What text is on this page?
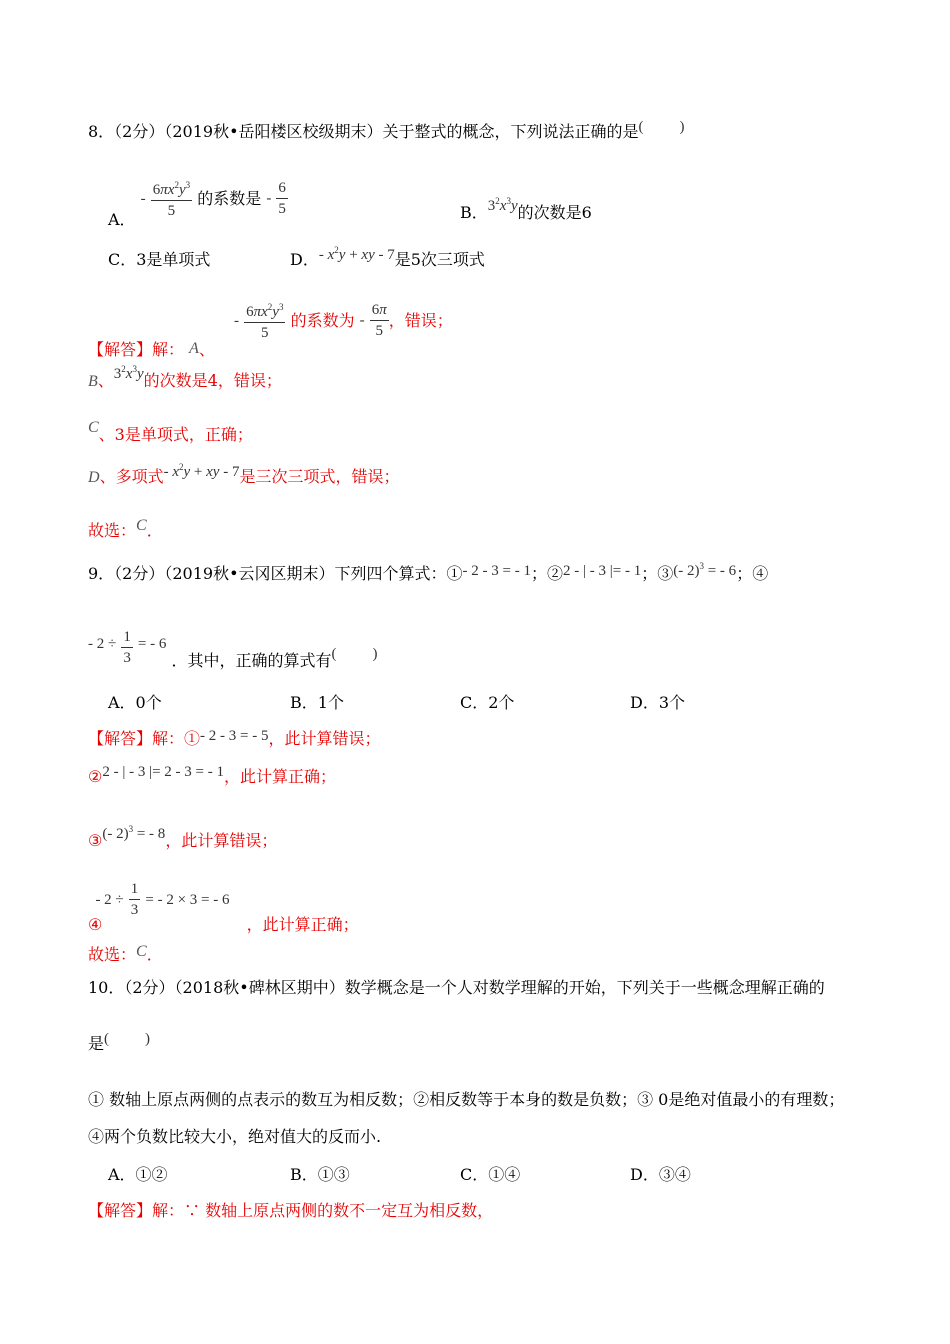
8．（2分）（2019秋•岳阳楼区校级期末）关于整式的概念，下列说法正确的是( )
A． - $\frac{6\pi x^2y^3}{5}$ 的系数是 - $\frac{6}{5}$	B．$3^2x^3y$的次数是6
C．3是单项式	D．- $x^2y$ + xy - 7是5次三项式
【解答】解： A、 - $\frac{6\pi x^2y^3}{5}$ 的系数为 - $\frac{6\pi}{5}$ ，错误；
B、$3^2x^3y$的次数是4，错误；
C、3是单项式，正确；
D、多项式- $x^2y$ + xy - 7是三次三项式，错误；
故选：C．
9．（2分）（2019秋•云冈区期末）下列四个算式：①- 2 - 3 = - 1；②2 - | - 3 |= - 1；③(- 2)$^3$ = - 6；④
- $2 \div \frac{1}{3}$ = - 6 ．其中，正确的算式有( )
A．0个	B．1个	C．2个	D．3个
【解答】解：①- 2 - 3 = - 5，此计算错误；
②2 - | - 3 |= 2 - 3 = - 1，此计算正确；
③(- 2)$^3$ = - 8，此计算错误；
④ - $2 \div \frac{1}{3}$ = - 2 × 3 = - 6 ，此计算正确；
故选：C．
10．（2分）（2018秋•碑林区期中）数学概念是一个人对数学理解的开始，下列关于一些概念理解正确的
是( )
① 数轴上原点两侧的点表示的数互为相反数；②相反数等于本身的数是负数；③ 0是绝对值最小的有理数；
④两个负数比较大小，绝对值大的反而小.
A．①②	B．①③	C．①④	D．③④
【解答】解：∵ 数轴上原点两侧的数不一定互为相反数，
